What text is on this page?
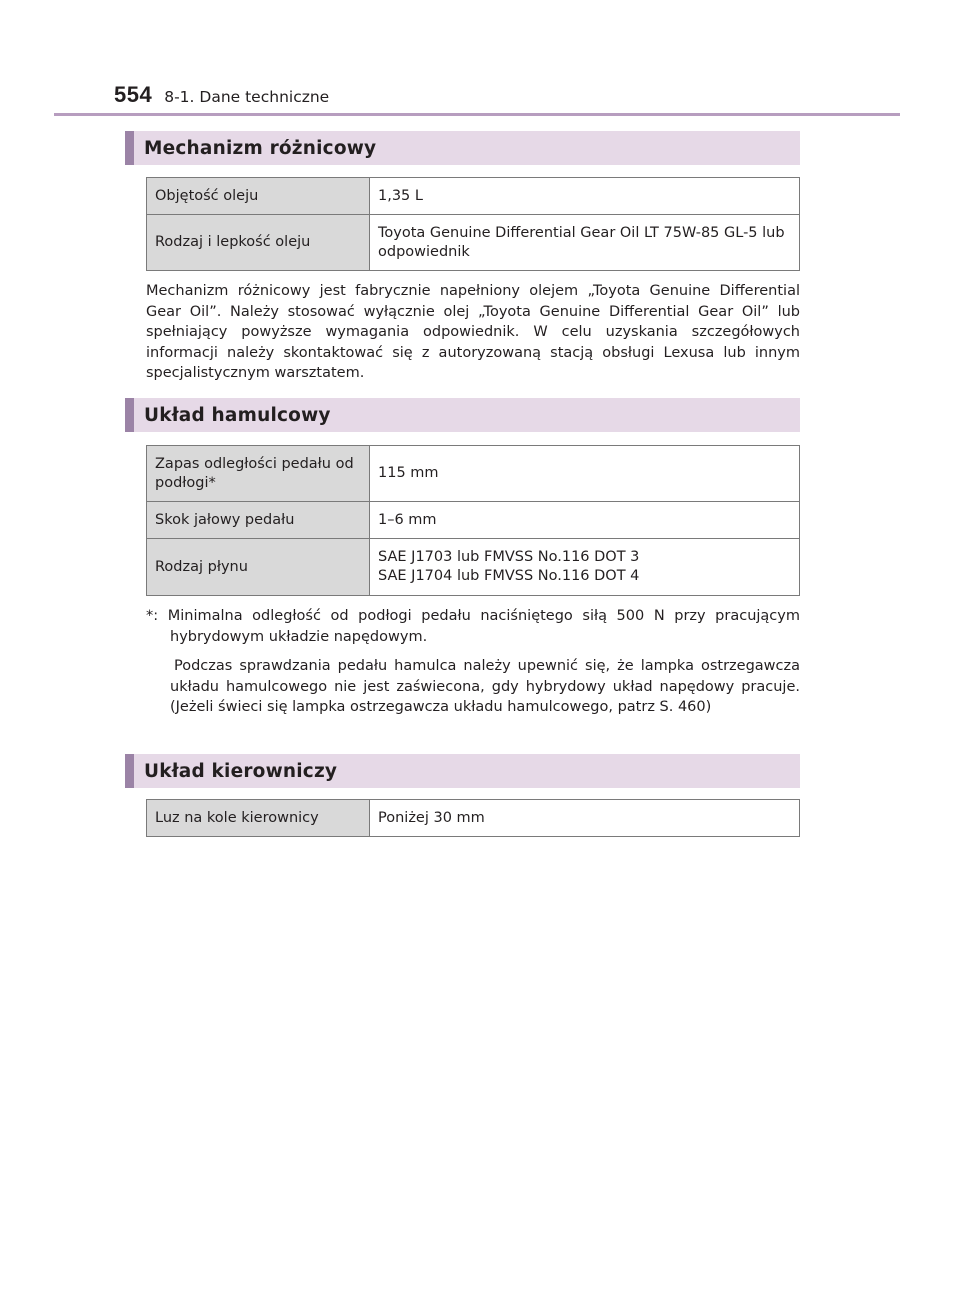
554 8-1. Dane techniczne
Mechanizm różnicowy
Objętość oleju	1,35 L
Rodzaj i lepkość oleju	Toyota Genuine Differential Gear Oil LT 75W-85 GL-5 lub odpowiednik
Mechanizm różnicowy jest fabrycznie napełniony olejem „Toyota Genuine Differential Gear Oil”. Należy stosować wyłącznie olej „Toyota Genuine Differential Gear Oil” lub spełniający powyższe wymagania odpowiednik. W celu uzyskania szczegółowych informacji należy skontaktować się z autoryzowaną stacją obsługi Lexusa lub innym specjalistycznym warsztatem.
Układ hamulcowy
Zapas odległości pedału od podłogi*	115 mm
Skok jałowy pedału	1–6 mm
Rodzaj płynu	SAE J1703 lub FMVSS No.116 DOT 3
SAE J1704 lub FMVSS No.116 DOT 4
*: Minimalna odległość od podłogi pedału naciśniętego siłą 500 N przy pracującym hybrydowym układzie napędowym.
Podczas sprawdzania pedału hamulca należy upewnić się, że lampka ostrzegawcza układu hamulcowego nie jest zaświecona, gdy hybrydowy układ napędowy pracuje. (Jeżeli świeci się lampka ostrzegawcza układu hamulcowego, patrz S. 460)
Układ kierowniczy
Luz na kole kierownicy	Poniżej 30 mm
